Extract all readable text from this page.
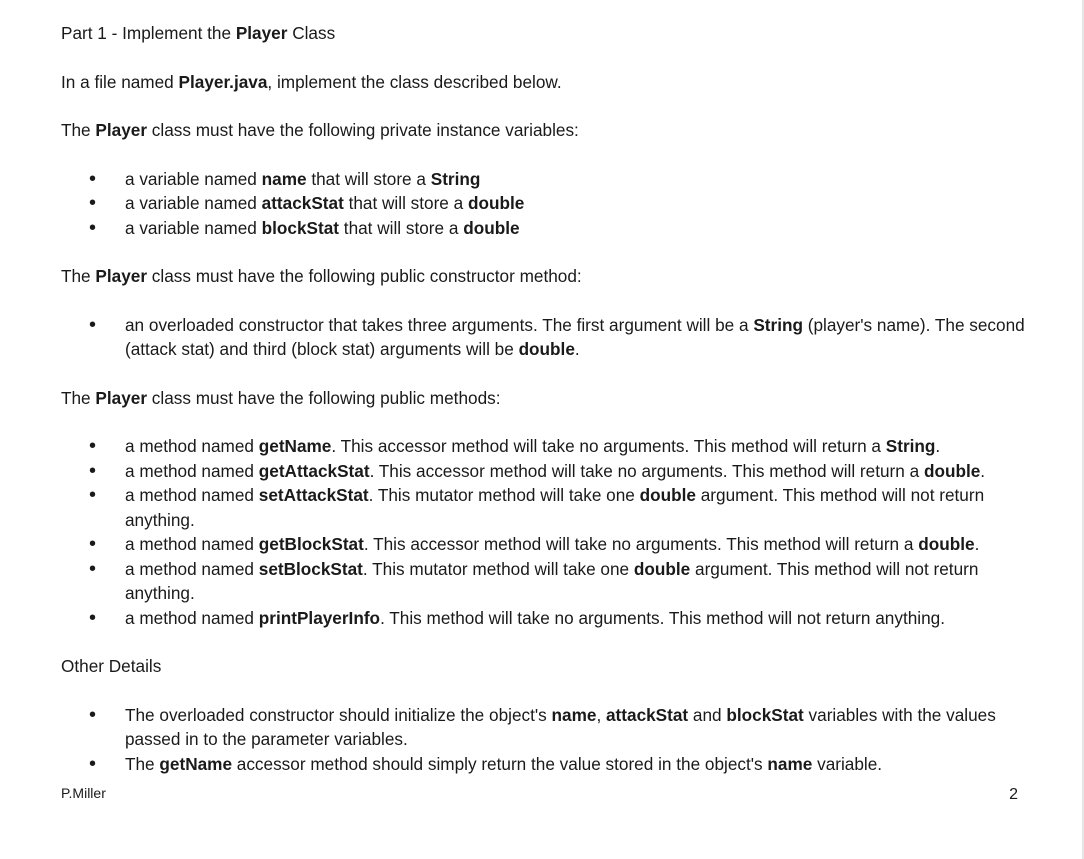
Part 1 - Implement the Player Class

In a file named Player.java, implement the class described below.

The Player class must have the following private instance variables:

• a variable named name that will store a String
• a variable named attackStat that will store a double
• a variable named blockStat that will store a double

The Player class must have the following public constructor method:

• an overloaded constructor that takes three arguments. The first argument will be a String (player's name). The second (attack stat) and third (block stat) arguments will be double.

The Player class must have the following public methods:

• a method named getName. This accessor method will take no arguments. This method will return a String.
• a method named getAttackStat. This accessor method will take no arguments. This method will return a double.
• a method named setAttackStat. This mutator method will take one double argument. This method will not return anything.
• a method named getBlockStat. This accessor method will take no arguments. This method will return a double.
• a method named setBlockStat. This mutator method will take one double argument. This method will not return anything.
• a method named printPlayerInfo. This method will take no arguments. This method will not return anything.

Other Details

• The overloaded constructor should initialize the object's name, attackStat and blockStat variables with the values passed in to the parameter variables.
• The getName accessor method should simply return the value stored in the object's name variable.
P.Miller	2
